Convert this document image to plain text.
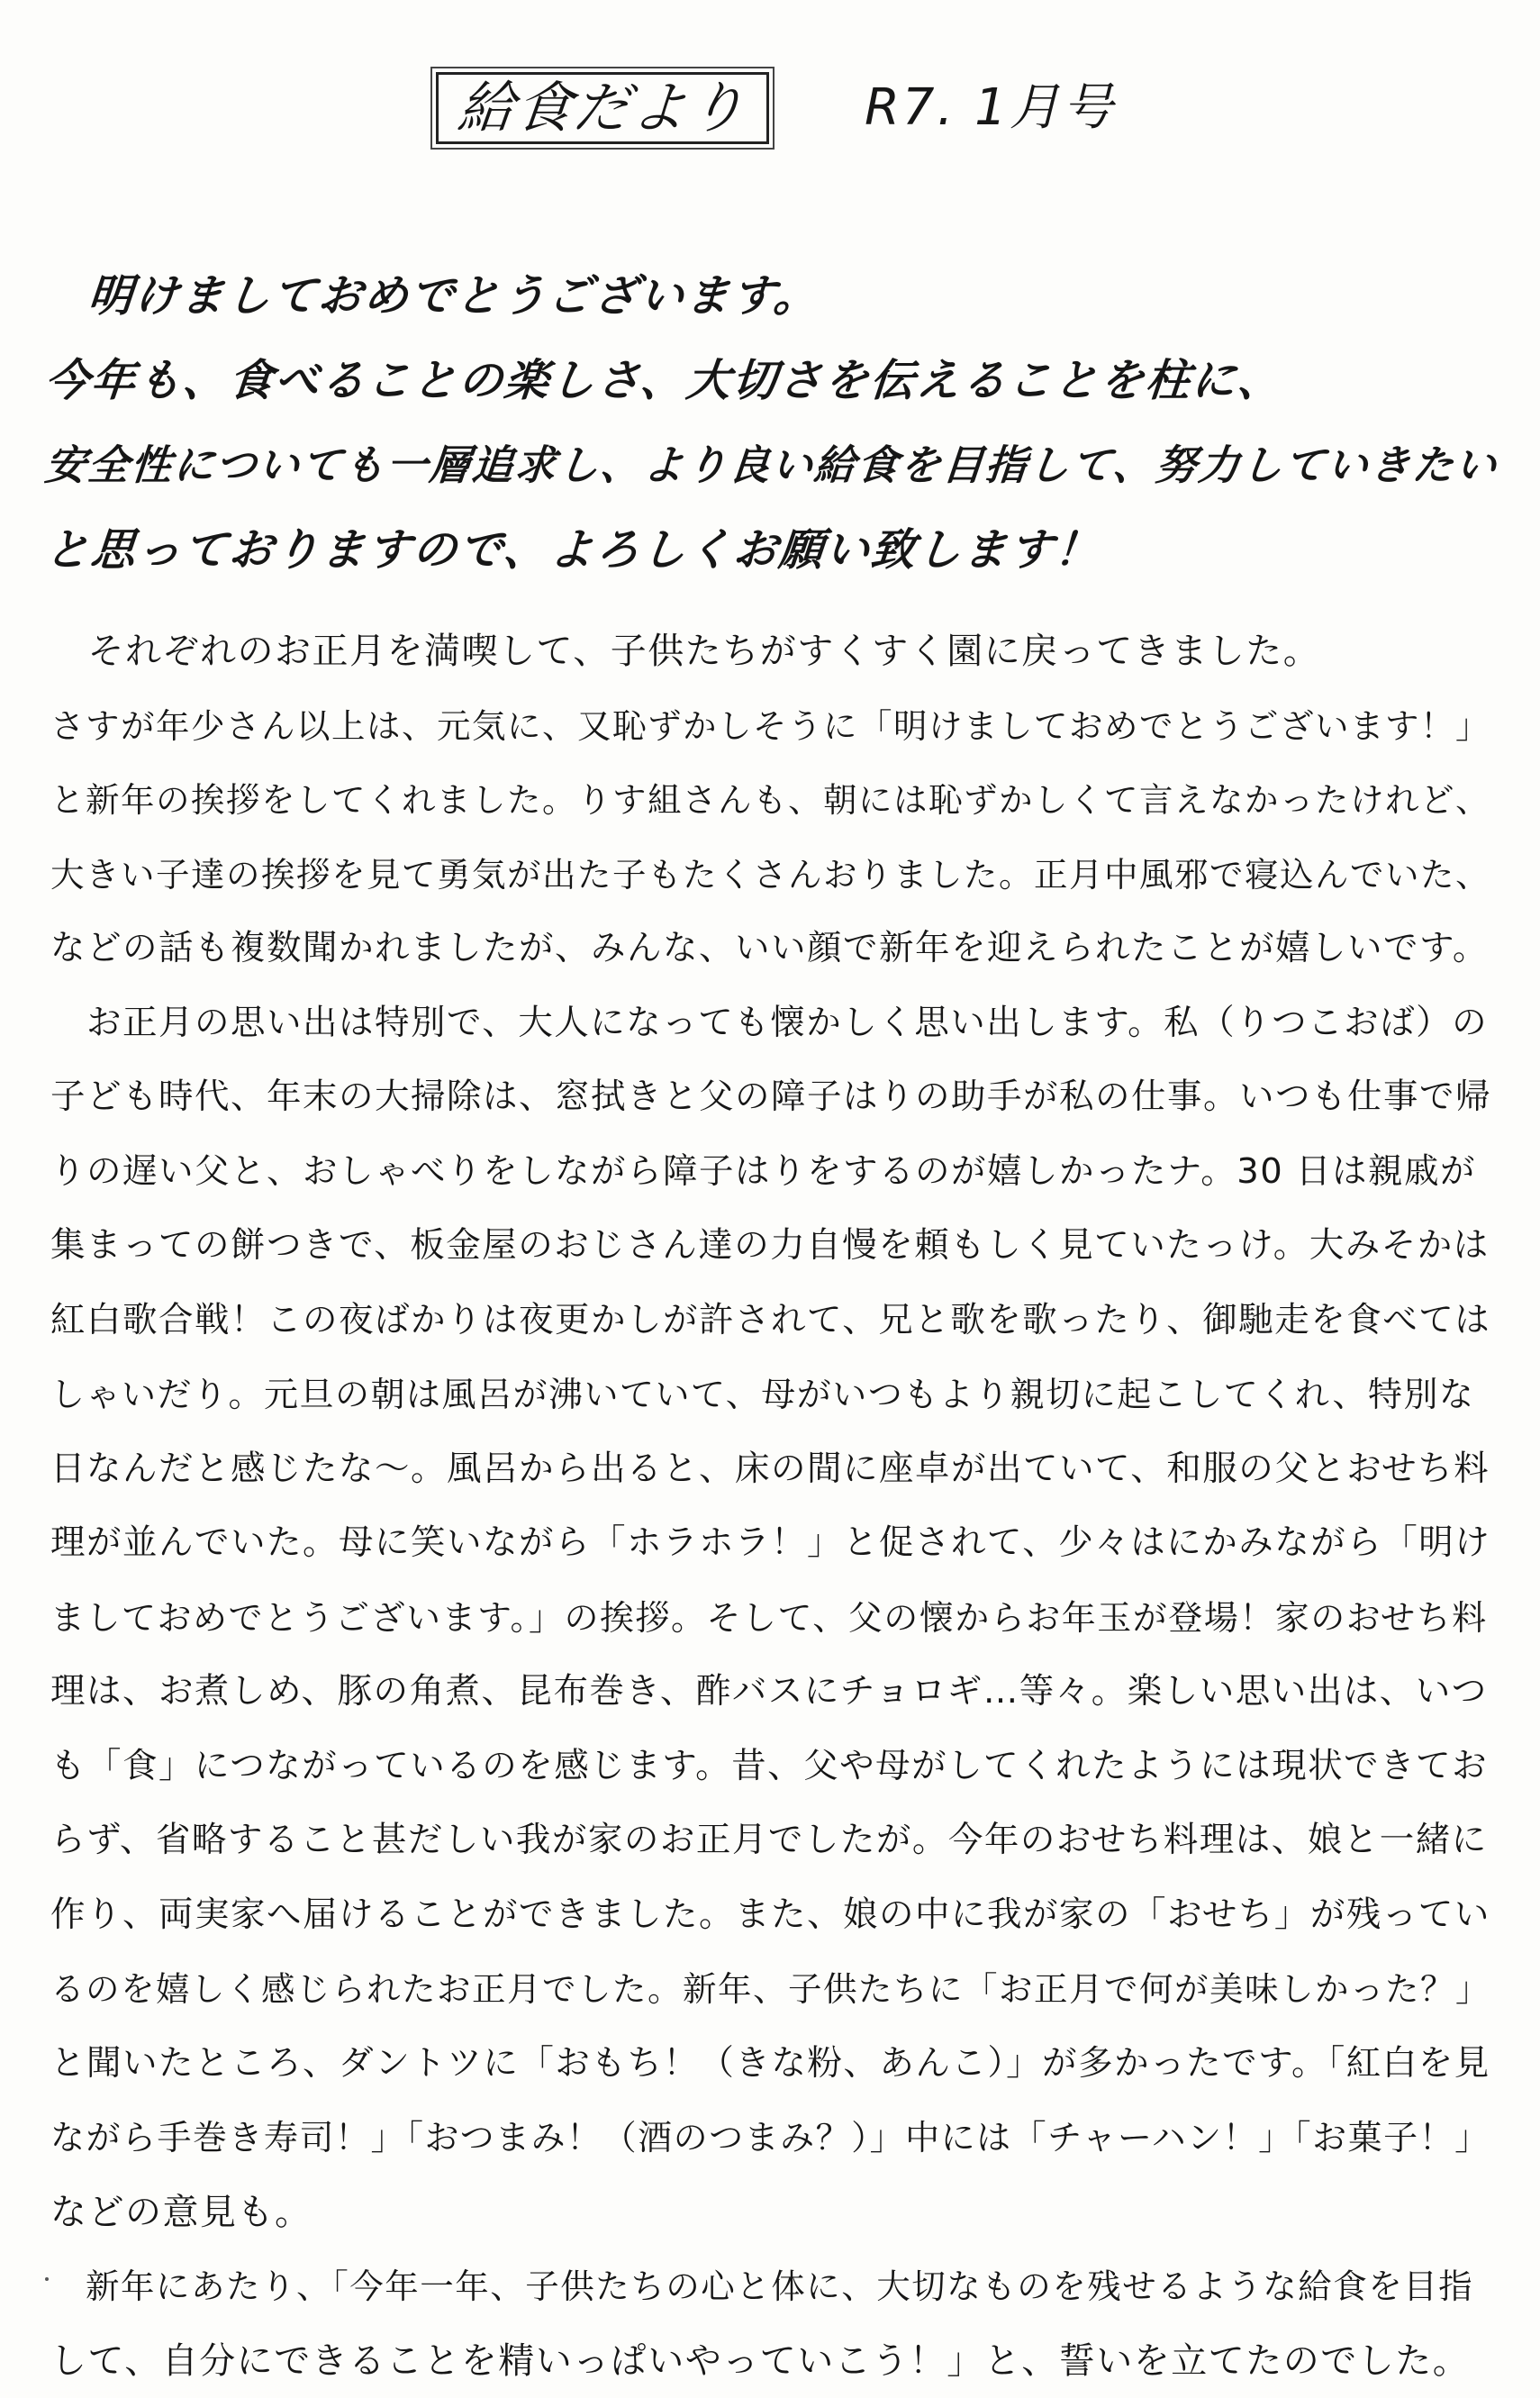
給食だより R7. 1月号
明けましておめでとうございます。
今年も、食べることの楽しさ、大切さを伝えることを柱に、
安全性についても一層追求し、より良い給食を目指して、努力していきたい
と思っておりますので、よろしくお願い致します！
　それぞれのお正月を満喫して、子供たちがすくすく園に戻ってきました。
さすが年少さん以上は、元気に、又恥ずかしそうに「明けましておめでとうございます！」
と新年の挨拶をしてくれました。りす組さんも、朝には恥ずかしくて言えなかったけれど、
大きい子達の挨拶を見て勇気が出た子もたくさんおりました。正月中風邪で寝込んでいた、
などの話も複数聞かれましたが、みんな、いい顔で新年を迎えられたことが嬉しいです。
　お正月の思い出は特別で、大人になっても懐かしく思い出します。私（りつこおば）の
子ども時代、年末の大掃除は、窓拭きと父の障子はりの助手が私の仕事。いつも仕事で帰
りの遅い父と、おしゃべりをしながら障子はりをするのが嬉しかったナ。30 日は親戚が
集まっての餅つきで、板金屋のおじさん達の力自慢を頼もしく見ていたっけ。大みそかは
紅白歌合戦！この夜ばかりは夜更かしが許されて、兄と歌を歌ったり、御馳走を食べては
しゃいだり。元旦の朝は風呂が沸いていて、母がいつもより親切に起こしてくれ、特別な
日なんだと感じたな～。風呂から出ると、床の間に座卓が出ていて、和服の父とおせち料
理が並んでいた。母に笑いながら「ホラホラ！」と促されて、少々はにかみながら「明け
ましておめでとうございます。」の挨拶。そして、父の懐からお年玉が登場！家のおせち料
理は、お煮しめ、豚の角煮、昆布巻き、酢バスにチョロギ…等々。楽しい思い出は、いつ
も「食」につながっているのを感じます。昔、父や母がしてくれたようには現状できてお
らず、省略すること甚だしい我が家のお正月でしたが。今年のおせち料理は、娘と一緒に
作り、両実家へ届けることができました。また、娘の中に我が家の「おせち」が残ってい
るのを嬉しく感じられたお正月でした。新年、子供たちに「お正月で何が美味しかった？」
と聞いたところ、ダントツに「おもち！（きな粉、あんこ）」が多かったです。「紅白を見
ながら手巻き寿司！」「おつまみ！（酒のつまみ？）」中には「チャーハン！」「お菓子！」
などの意見も。
　新年にあたり、「今年一年、子供たちの心と体に、大切なものを残せるような給食を目指
して、自分にできることを精いっぱいやっていこう！」と、誓いを立てたのでした。
